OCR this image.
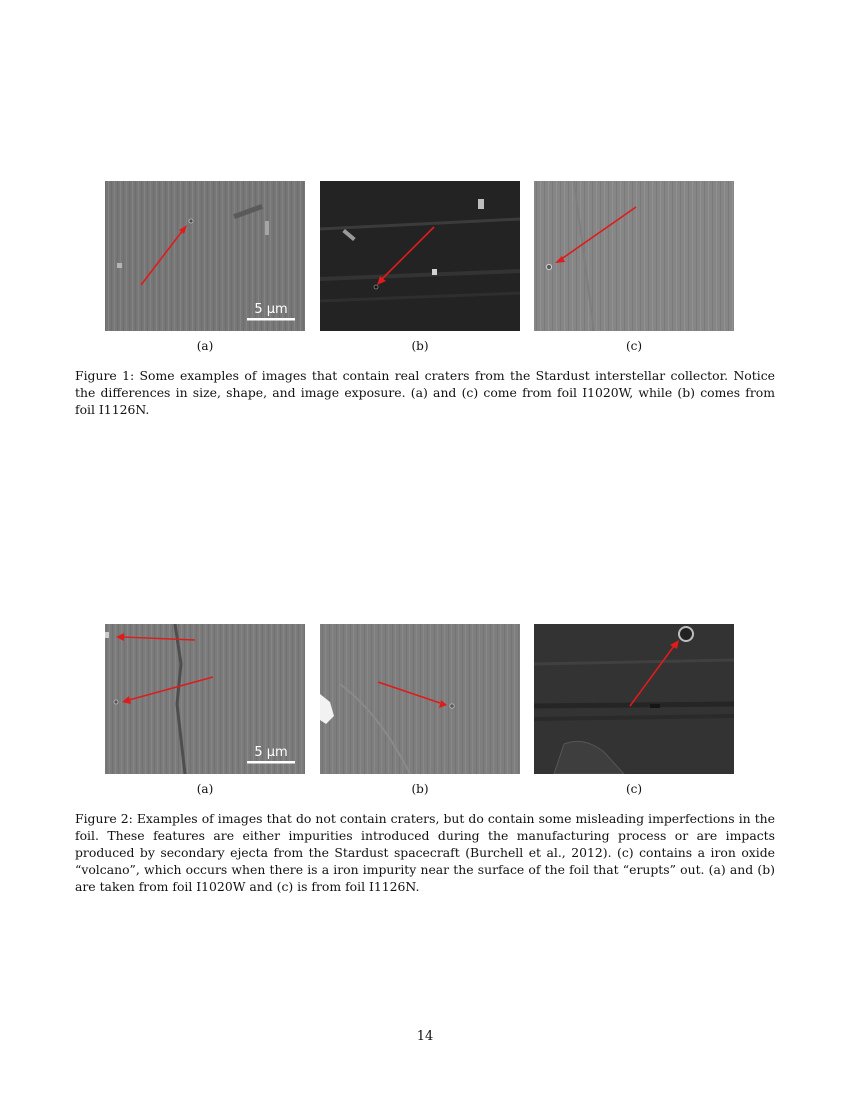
5 µm
(a)	(b)	(c)

Figure 1: Some examples of images that contain real craters from the Stardust interstellar collector. Notice the differences in size, shape, and image exposure. (a) and (c) come from foil I1020W, while (b) comes from foil I1126N.

5 µm
(a)	(b)	(c)

Figure 2: Examples of images that do not contain craters, but do contain some misleading imperfections in the foil. These features are either impurities introduced during the manufacturing process or are impacts produced by secondary ejecta from the Stardust spacecraft (Burchell et al., 2012). (c) contains a iron oxide “volcano”, which occurs when there is a iron impurity near the surface of the foil that “erupts” out. (a) and (b) are taken from foil I1020W and (c) is from foil I1126N.

14
